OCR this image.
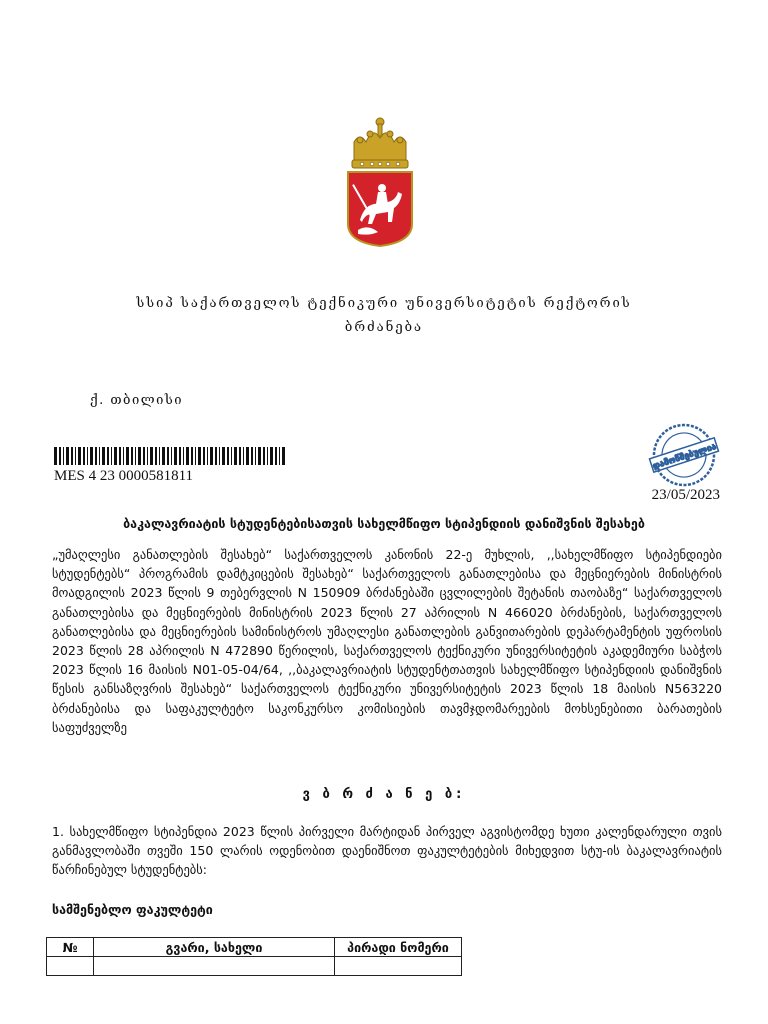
სსიპ საქართველოს ტექნიკური უნივერსიტეტის რექტორის
ბრძანება
ქ. თბილისი
MES 4 23 0000581811
დამოწმებულია
23/05/2023
ბაკალავრიატის სტუდენტებისათვის სახელმწიფო სტიპენდიის დანიშვნის შესახებ
„უმაღლესი განათლების შესახებ“ საქართველოს კანონის 22-ე მუხლის, ,,სახელმწიფო სტიპენდიები სტუდენტებს“ პროგრამის დამტკიცების შესახებ“ საქართველოს განათლებისა და მეცნიერების მინისტრის მოადგილის 2023 წლის 9 თებერვლის N 150909 ბრძანებაში ცვლილების შეტანის თაობაზე“ საქართველოს განათლებისა და მეცნიერების მინისტრის 2023 წლის 27 აპრილის N 466020 ბრძანების, საქართველოს განათლებისა და მეცნიერების სამინისტროს უმაღლესი განათლების განვითარების დეპარტამენტის უფროსის 2023 წლის 28 აპრილის N 472890 წერილის, საქართველოს ტექნიკური უნივერსიტეტის აკადემიური საბჭოს 2023 წლის 16 მაისის N01-05-04/64, ,,ბაკალავრიატის სტუდენტთათვის სახელმწიფო სტიპენდიის დანიშვნის წესის განსაზღვრის შესახებ“ საქართველოს ტექნიკური უნივერსიტეტის 2023 წლის 18 მაისის N563220 ბრძანებისა და საფაკულტეტო საკონკურსო კომისიების თავმჯდომარეების მოხსენებითი ბარათების საფუძველზე
ვ ბ რ ძ ა ნ ე ბ:
1. სახელმწიფო სტიპენდია 2023 წლის პირველი მარტიდან პირველ აგვისტომდე ხუთი კალენდარული თვის განმავლობაში თვეში 150 ლარის ოდენობით დაენიშნოთ ფაკულტეტების მიხედვით სტუ-ის ბაკალავრიატის წარჩინებულ სტუდენტებს:
სამშენებლო ფაკულტეტი
№	გვარი, სახელი	პირადი ნომერი
